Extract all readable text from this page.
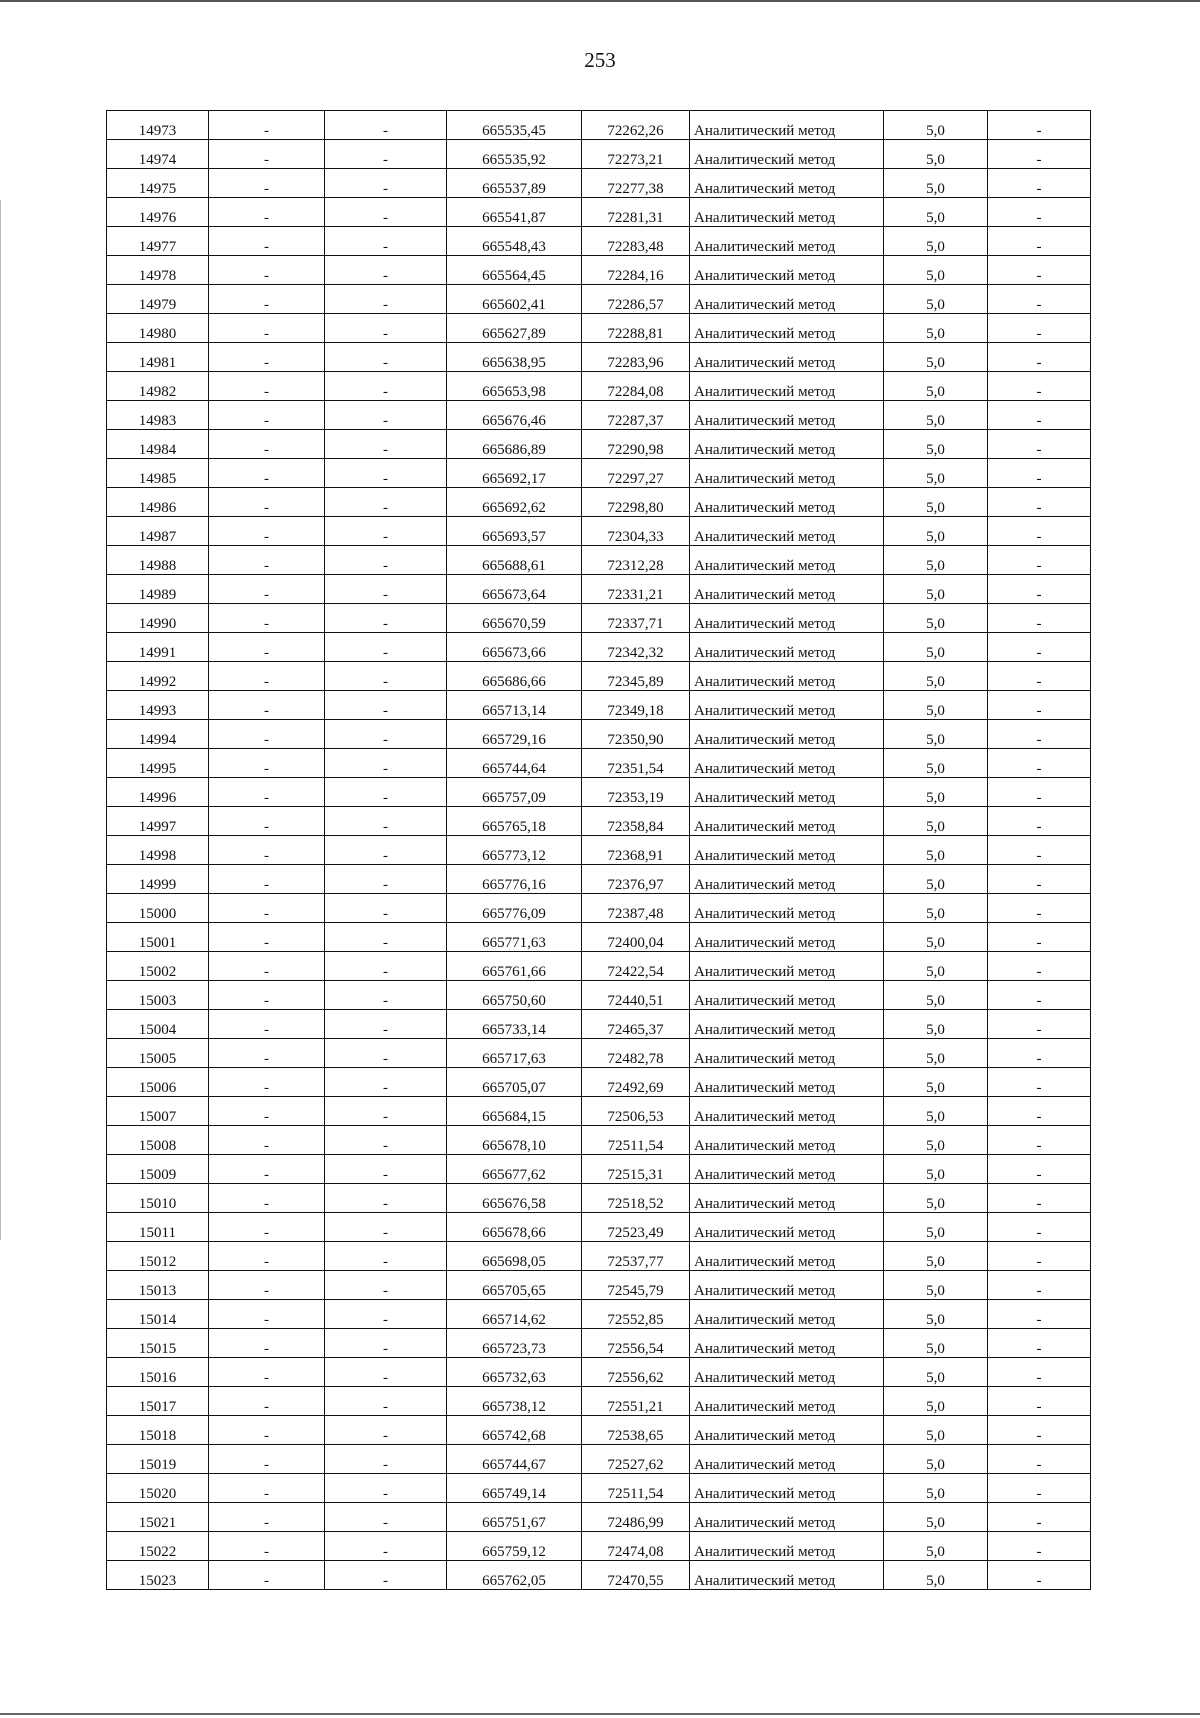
253
14973	-	-	665535,45	72262,26	Аналитический метод	5,0	-
14974	-	-	665535,92	72273,21	Аналитический метод	5,0	-
14975	-	-	665537,89	72277,38	Аналитический метод	5,0	-
14976	-	-	665541,87	72281,31	Аналитический метод	5,0	-
14977	-	-	665548,43	72283,48	Аналитический метод	5,0	-
14978	-	-	665564,45	72284,16	Аналитический метод	5,0	-
14979	-	-	665602,41	72286,57	Аналитический метод	5,0	-
14980	-	-	665627,89	72288,81	Аналитический метод	5,0	-
14981	-	-	665638,95	72283,96	Аналитический метод	5,0	-
14982	-	-	665653,98	72284,08	Аналитический метод	5,0	-
14983	-	-	665676,46	72287,37	Аналитический метод	5,0	-
14984	-	-	665686,89	72290,98	Аналитический метод	5,0	-
14985	-	-	665692,17	72297,27	Аналитический метод	5,0	-
14986	-	-	665692,62	72298,80	Аналитический метод	5,0	-
14987	-	-	665693,57	72304,33	Аналитический метод	5,0	-
14988	-	-	665688,61	72312,28	Аналитический метод	5,0	-
14989	-	-	665673,64	72331,21	Аналитический метод	5,0	-
14990	-	-	665670,59	72337,71	Аналитический метод	5,0	-
14991	-	-	665673,66	72342,32	Аналитический метод	5,0	-
14992	-	-	665686,66	72345,89	Аналитический метод	5,0	-
14993	-	-	665713,14	72349,18	Аналитический метод	5,0	-
14994	-	-	665729,16	72350,90	Аналитический метод	5,0	-
14995	-	-	665744,64	72351,54	Аналитический метод	5,0	-
14996	-	-	665757,09	72353,19	Аналитический метод	5,0	-
14997	-	-	665765,18	72358,84	Аналитический метод	5,0	-
14998	-	-	665773,12	72368,91	Аналитический метод	5,0	-
14999	-	-	665776,16	72376,97	Аналитический метод	5,0	-
15000	-	-	665776,09	72387,48	Аналитический метод	5,0	-
15001	-	-	665771,63	72400,04	Аналитический метод	5,0	-
15002	-	-	665761,66	72422,54	Аналитический метод	5,0	-
15003	-	-	665750,60	72440,51	Аналитический метод	5,0	-
15004	-	-	665733,14	72465,37	Аналитический метод	5,0	-
15005	-	-	665717,63	72482,78	Аналитический метод	5,0	-
15006	-	-	665705,07	72492,69	Аналитический метод	5,0	-
15007	-	-	665684,15	72506,53	Аналитический метод	5,0	-
15008	-	-	665678,10	72511,54	Аналитический метод	5,0	-
15009	-	-	665677,62	72515,31	Аналитический метод	5,0	-
15010	-	-	665676,58	72518,52	Аналитический метод	5,0	-
15011	-	-	665678,66	72523,49	Аналитический метод	5,0	-
15012	-	-	665698,05	72537,77	Аналитический метод	5,0	-
15013	-	-	665705,65	72545,79	Аналитический метод	5,0	-
15014	-	-	665714,62	72552,85	Аналитический метод	5,0	-
15015	-	-	665723,73	72556,54	Аналитический метод	5,0	-
15016	-	-	665732,63	72556,62	Аналитический метод	5,0	-
15017	-	-	665738,12	72551,21	Аналитический метод	5,0	-
15018	-	-	665742,68	72538,65	Аналитический метод	5,0	-
15019	-	-	665744,67	72527,62	Аналитический метод	5,0	-
15020	-	-	665749,14	72511,54	Аналитический метод	5,0	-
15021	-	-	665751,67	72486,99	Аналитический метод	5,0	-
15022	-	-	665759,12	72474,08	Аналитический метод	5,0	-
15023	-	-	665762,05	72470,55	Аналитический метод	5,0	-
